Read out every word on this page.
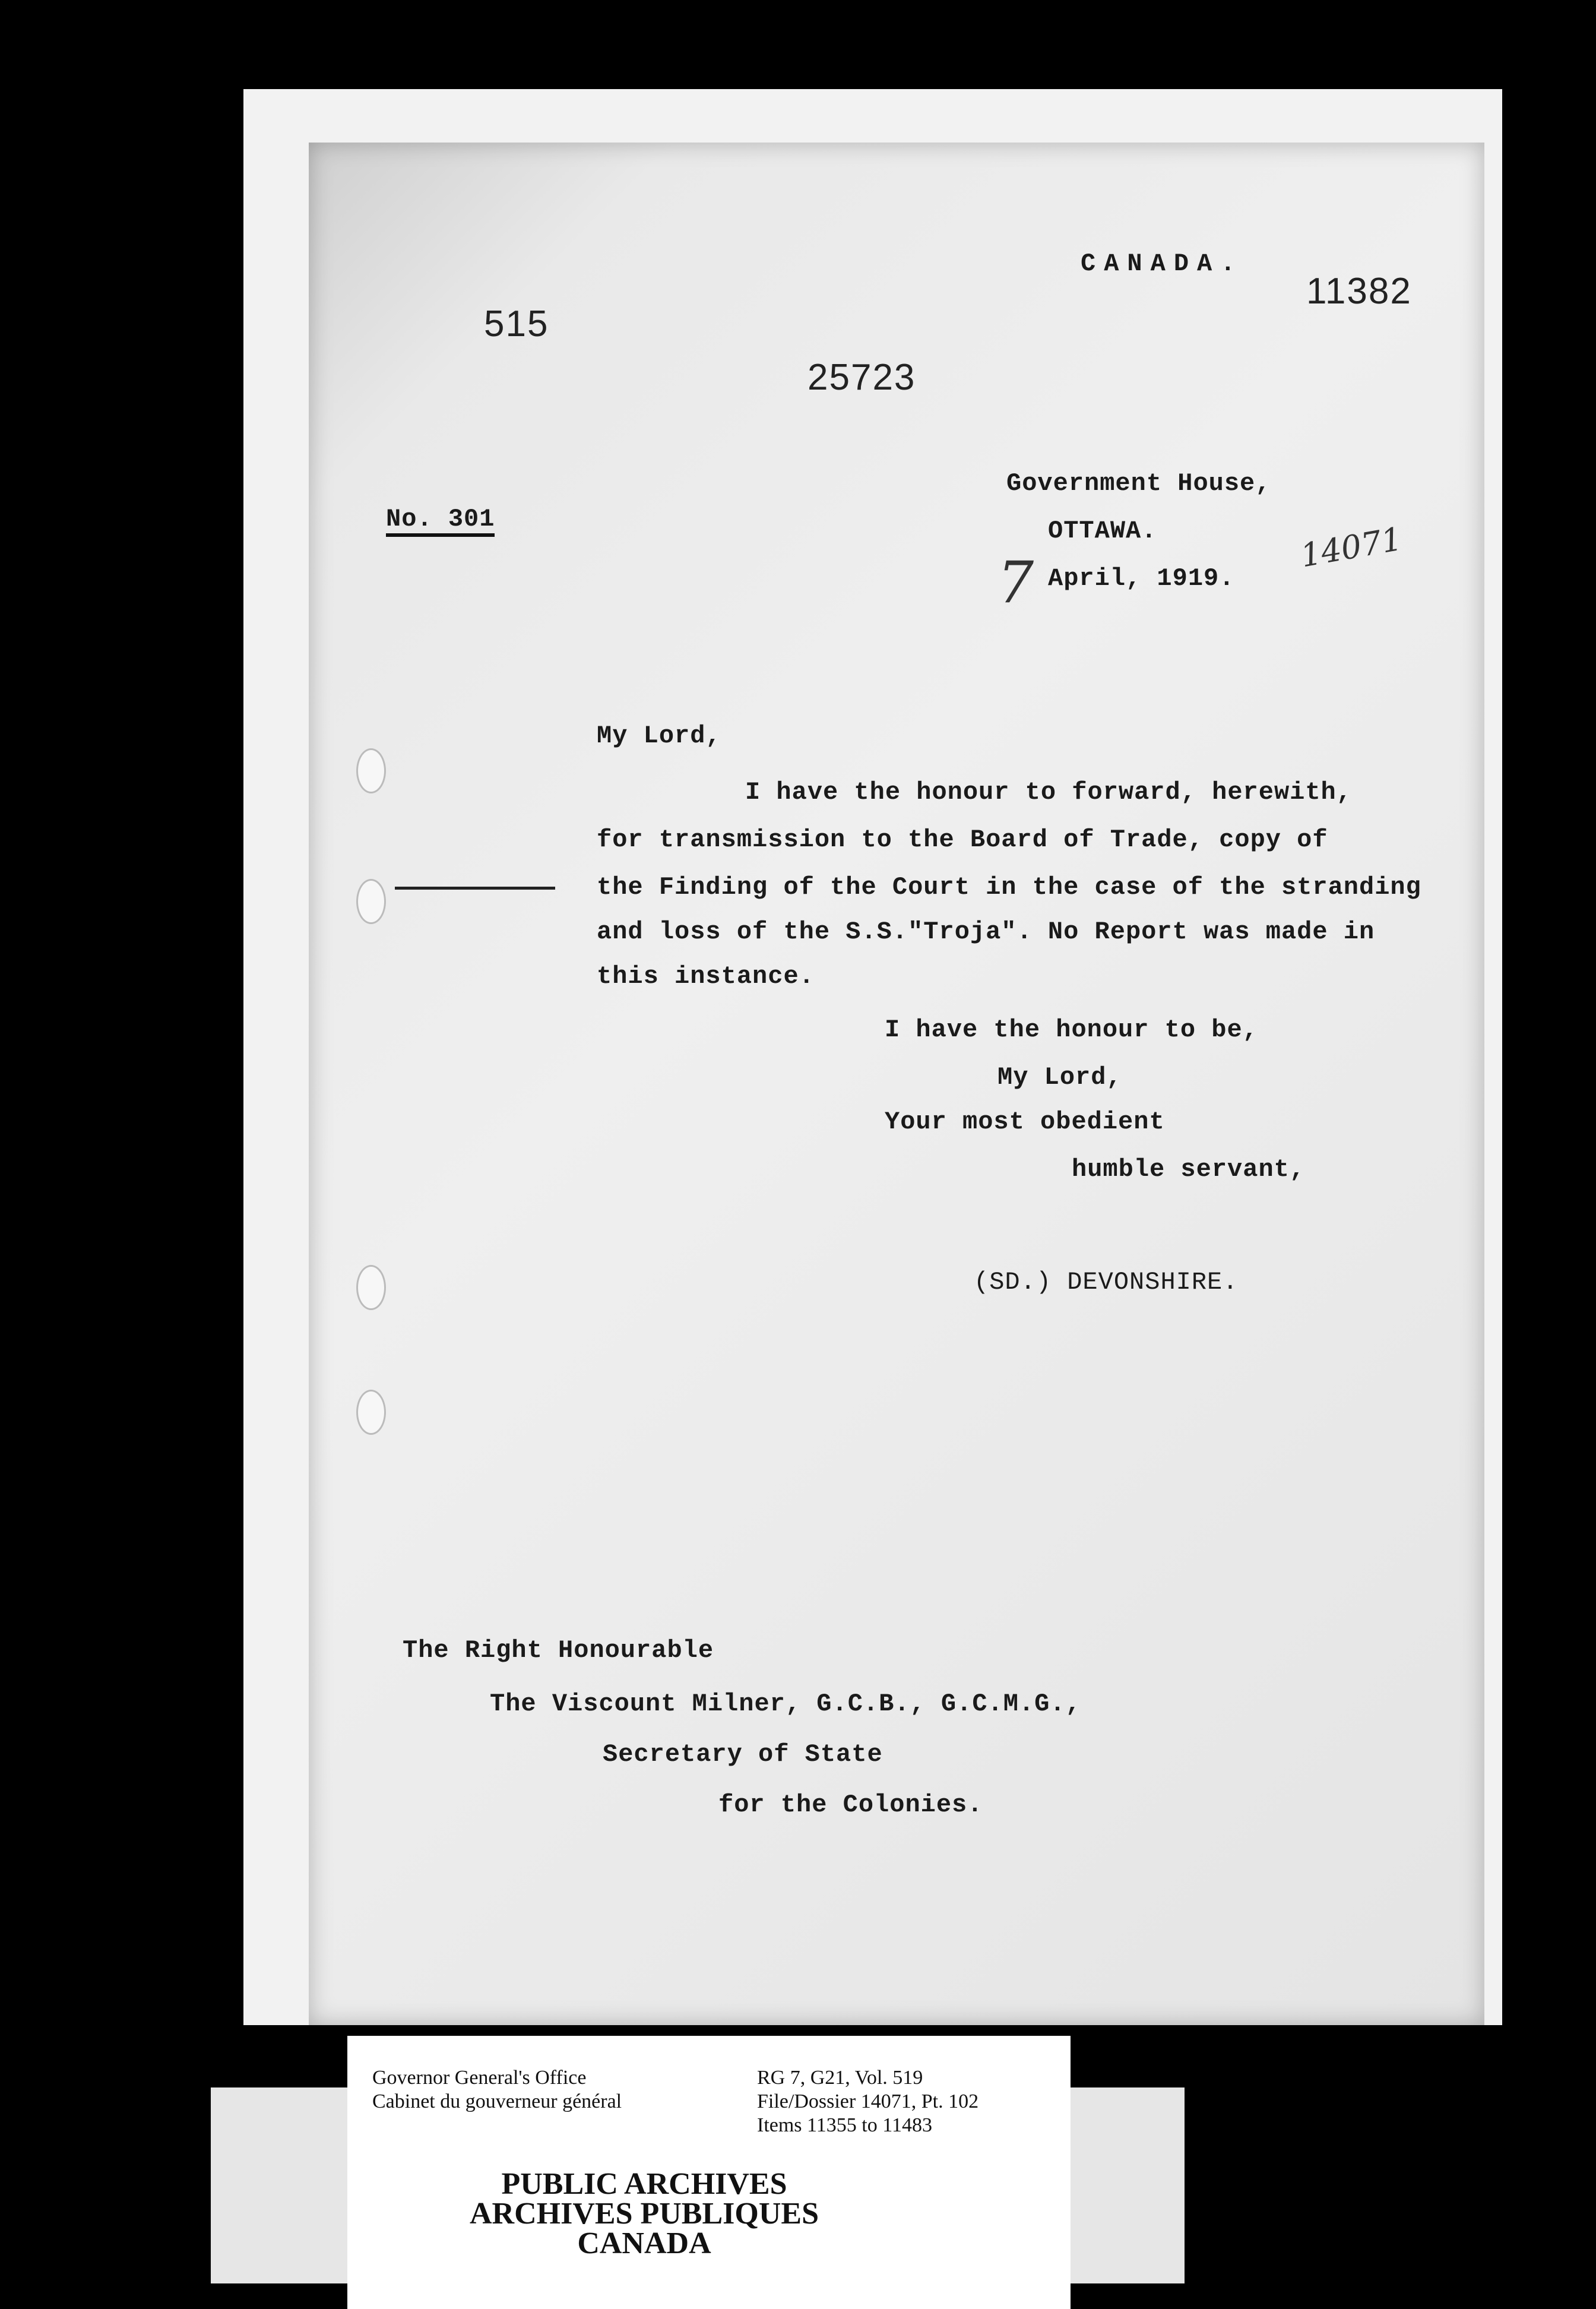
515
25723
11382
CANADA.
No. 301
Government House,
OTTAWA.
7 April, 1919.
14071
My Lord,
I have the honour to forward, herewith,
for transmission to the Board of Trade, copy of
the Finding of the Court in the case of the stranding
and loss of the S.S."Troja". No Report was made in
this instance.
I have the honour to be,
My Lord,
Your most obedient
humble servant,
(SD.) DEVONSHIRE.
The Right Honourable
The Viscount Milner, G.C.B., G.C.M.G.,
Secretary of State
for the Colonies.
Governor General's Office
Cabinet du gouverneur général
RG 7, G21, Vol. 519
File/Dossier 14071, Pt. 102
Items 11355 to 11483
PUBLIC ARCHIVES
ARCHIVES PUBLIQUES
CANADA
